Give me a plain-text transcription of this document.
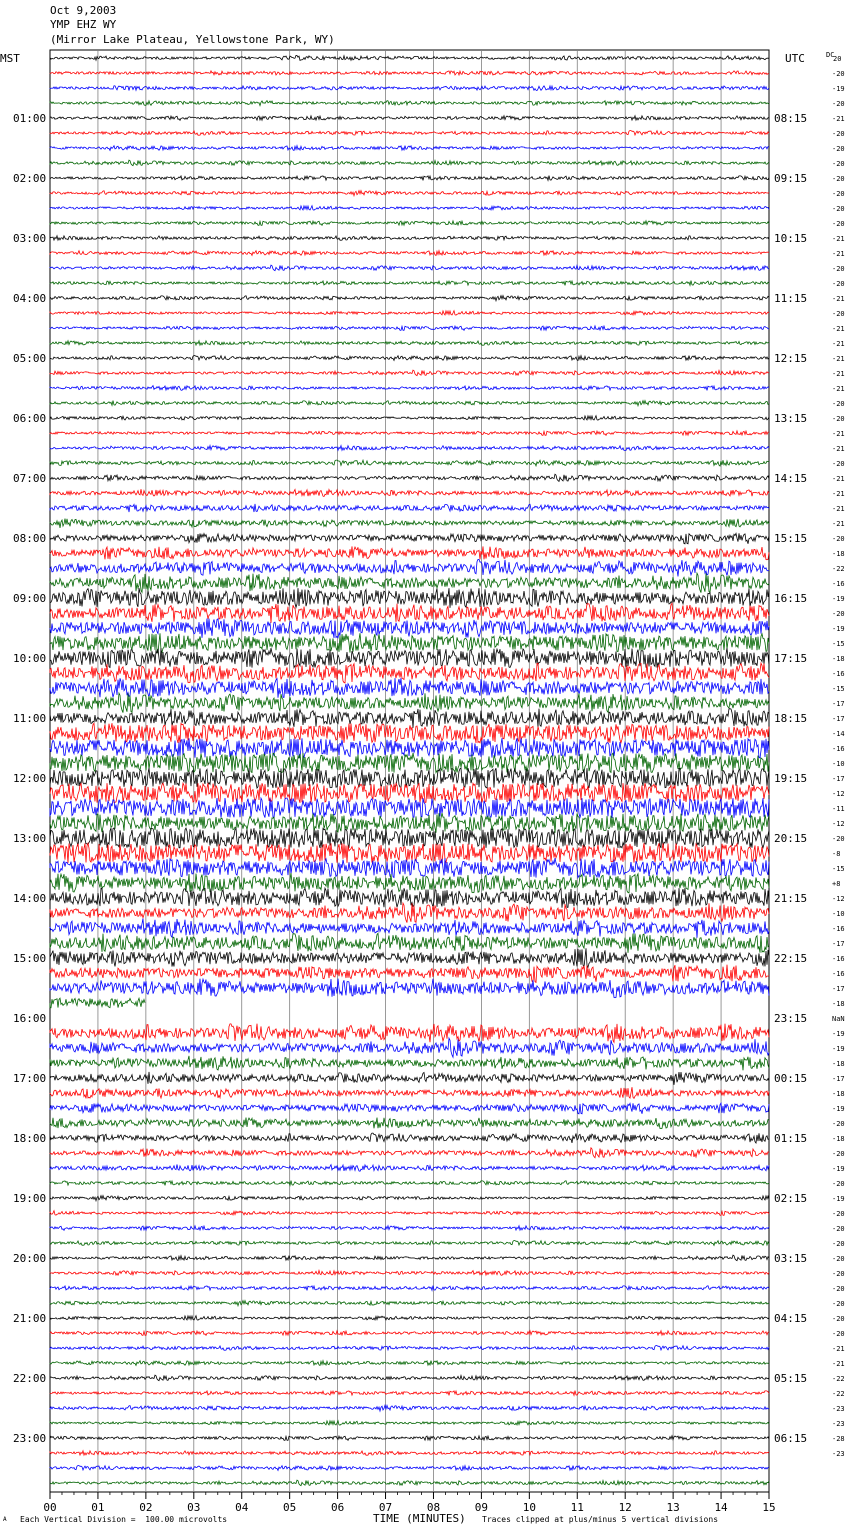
Oct 9,2003
YMP EHZ WY
(Mirror Lake Plateau, Yellowstone Park, WY)
01:00
02:00
03:00
04:00
05:00
06:00
07:00
08:00
09:00
10:00
11:00
12:00
13:00
14:00
15:00
16:00
17:00
18:00
19:00
20:00
21:00
22:00
23:00
08:15
09:15
10:15
11:15
12:15
13:15
14:15
15:15
16:15
17:15
18:15
19:15
20:15
21:15
22:15
23:15
00:15
01:15
02:15
03:15
04:15
05:15
06:15
20
-20
-19
-20
-21
-20
-20
-20
-20
-20
-20
-20
-21
-21
-20
-20
-21
-20
-21
-21
-21
-21
-21
-20
-20
-21
-21
-20
-21
-21
-21
-21
-20
-18
-22
-16
-19
-20
-19
-15
-18
-16
-15
-17
-17
-14
-16
-10
-17
-12
-11
-12
-20
-8
-15
+8
-12
-10
-16
-17
-16
-16
-17
-18
NaN
-19
-19
-18
-17
-18
-19
-20
-18
-20
-19
-20
-19
-20
-20
-20
-20
-20
-20
-20
-20
-20
-21
-21
-22
-22
-23
-23
-28
-23
00	01	02	03	04	05	06	07	08	09	10	11	12	13	14	15
MST	UTC	DC
TIME (MINUTES)
A Each Vertical Division =  100.00 microvolts	Traces clipped at plus/minus 5 vertical divisions
